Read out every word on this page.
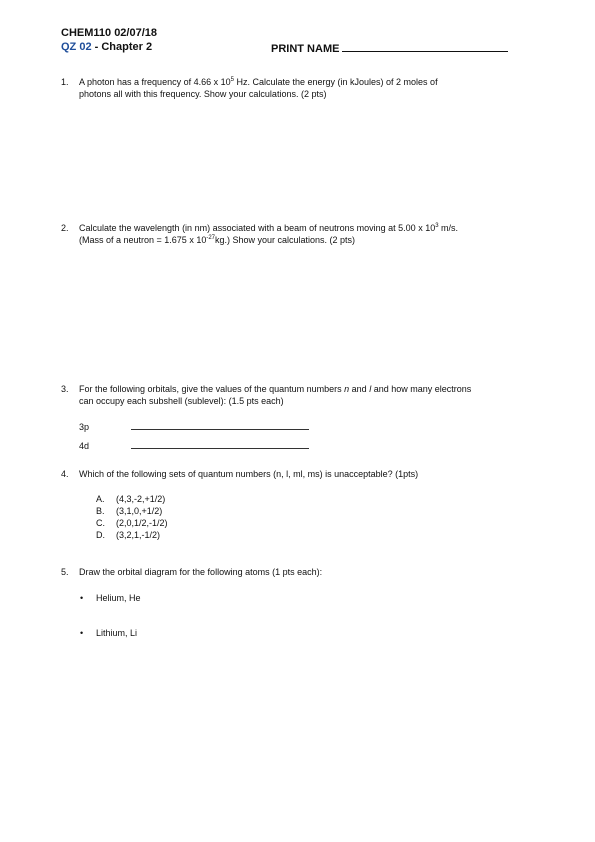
CHEM110 02/07/18
QZ 02 - Chapter 2	PRINT NAME
1. A photon has a frequency of 4.66 x $10^5$ Hz. Calculate the energy (in kJoules) of 2 moles of
photons all with this frequency. Show your calculations. (2 pts)
2. Calculate the wavelength (in nm) associated with a beam of neutrons moving at 5.00 x $10^3$ m/s.
(Mass of a neutron = 1.675 x $10^{-27}kg$.) Show your calculations. (2 pts)
3. For the following orbitals, give the values of the quantum numbers n and l and how many electrons
can occupy each subshell (sublevel): (1.5 pts each)
3p
4d
4. Which of the following sets of quantum numbers (n, l, ml, ms) is unacceptable? (1pts)
A. (4,3,-2,+1/2)
B. (3,1,0,+1/2)
C. (2,0,1/2,-1/2)
D. (3,2,1,-1/2)
5. Draw the orbital diagram for the following atoms (1 pts each):
• Helium, He
• Lithium, Li
